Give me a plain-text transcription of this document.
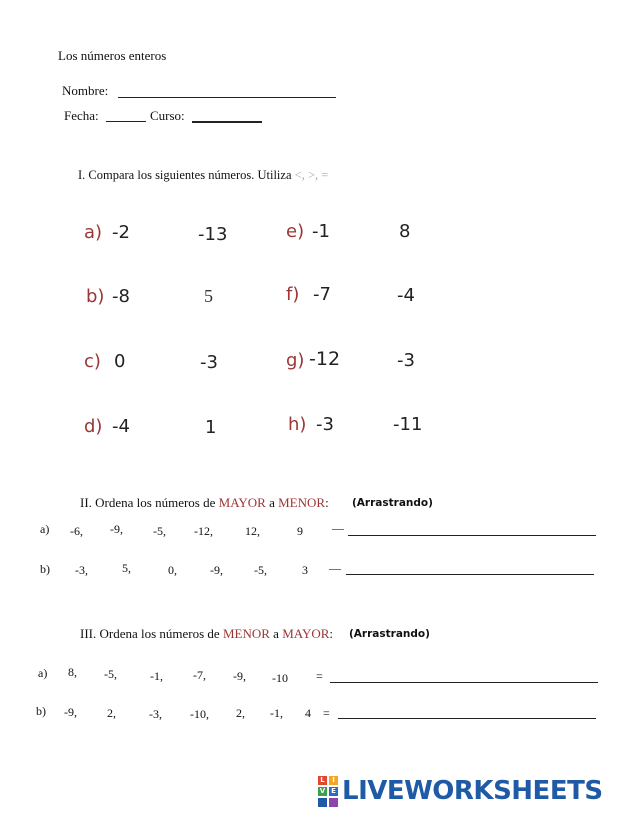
Los números enteros
Nombre:
Fecha:	Curso:
I. Compara los siguientes números. Utiliza <, >, =
a) -2	-13
b) -8	5
c) 0	-3
d) -4	1
e) -1	8
f) -7	-4
g) -12	-3
h) -3	-11
II. Ordena los números de MAYOR a MENOR: (Arrastrando)
a) -6, -9,	-5, -12,	12,	9 —
b) -3,	5,	0,	-9,	-5,	3 —
III. Ordena los números de MENOR a MAYOR: (Arrastrando)
a) 8, -5,	-1,	-7, -9, -10 =
b) -9,	2,	-3, -10, 2, -1, 4 =
L	I
V E LIVEWORKSHEETS
